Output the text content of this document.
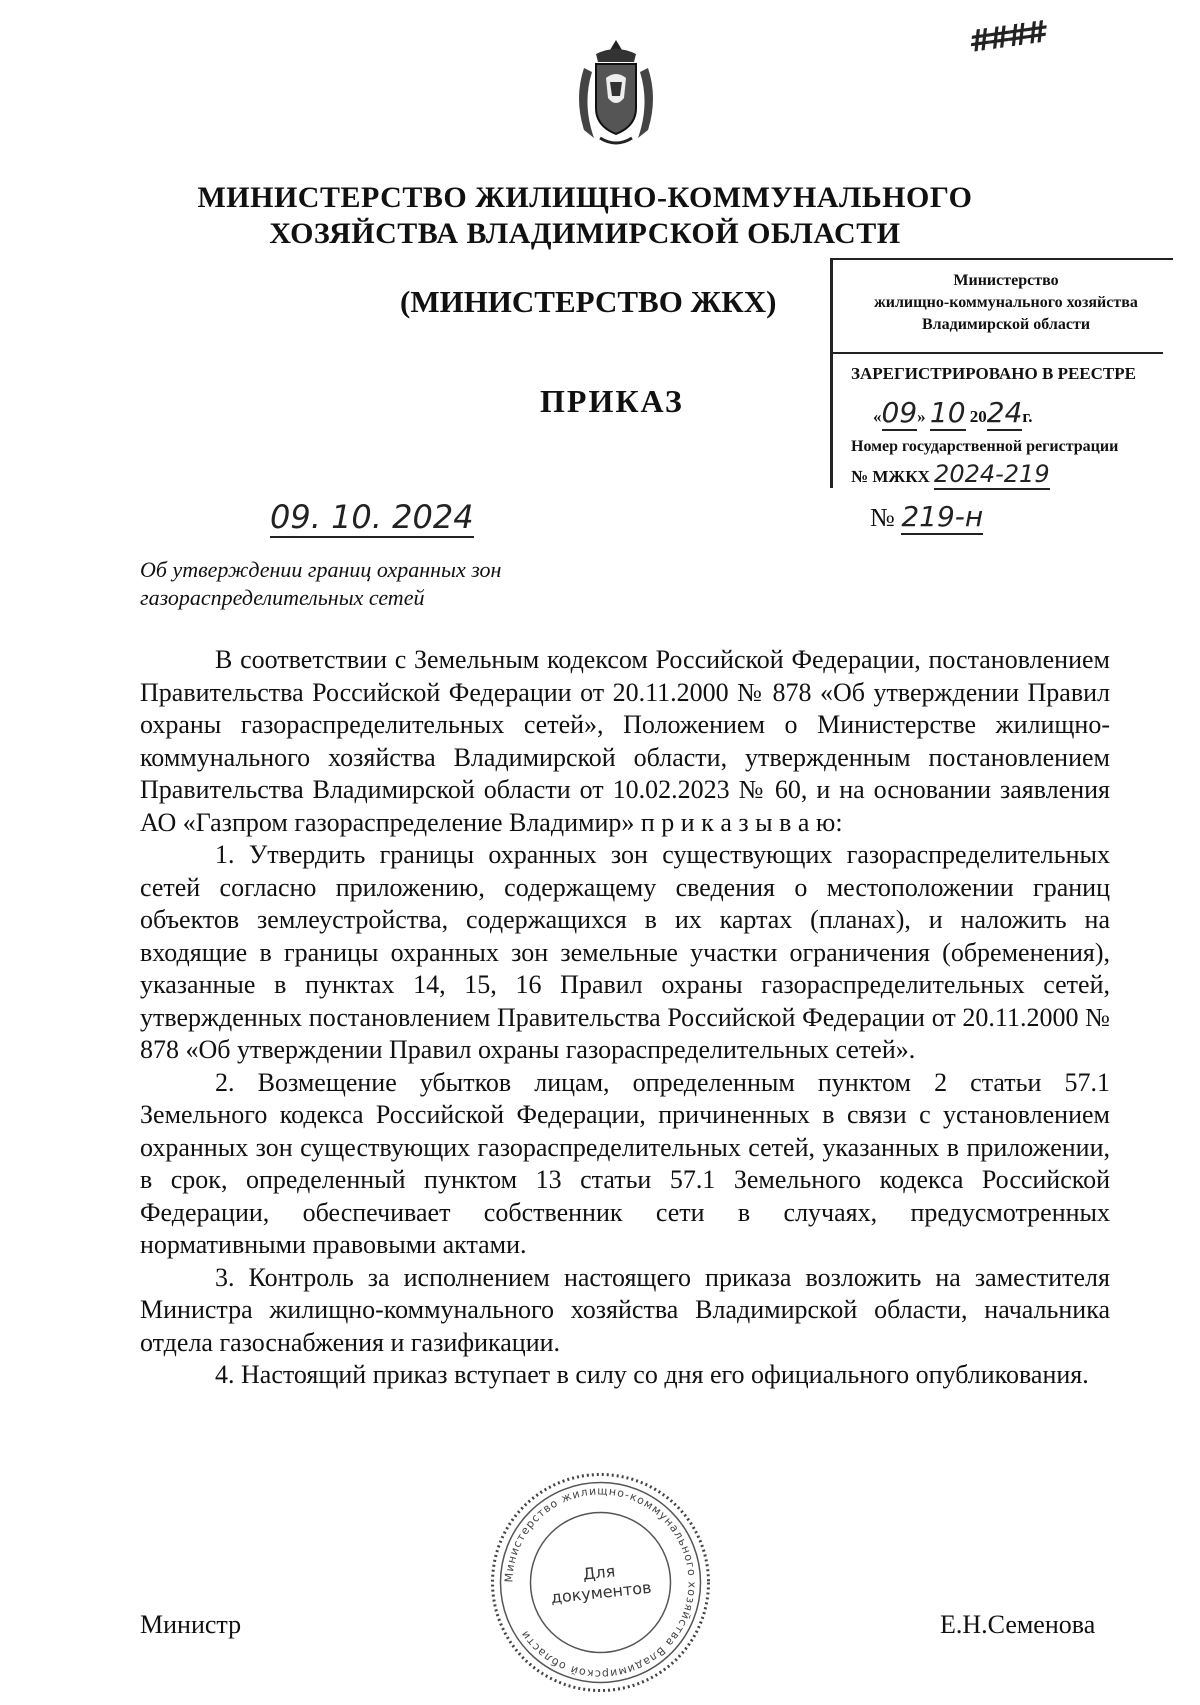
####
МИНИСТЕРСТВО ЖИЛИЩНО-КОММУНАЛЬНОГО
ХОЗЯЙСТВА ВЛАДИМИРСКОЙ ОБЛАСТИ
(МИНИСТЕРСТВО ЖКХ)
ПРИКАЗ
Министерство
жилищно-коммунального хозяйства
Владимирской области
ЗАРЕГИСТРИРОВАНО В РЕЕСТРЕ
«09» 10 2024г.
Номер государственной регистрации
№ МЖКХ 2024-219
09. 10. 2024	№ 219-н
Об утверждении границ охранных зон
газораспределительных сетей

В соответствии с Земельным кодексом Российской Федерации, постановлением Правительства Российской Федерации от 20.11.2000 № 878 «Об утверждении Правил охраны газораспределительных сетей», Положением о Министерстве жилищно-коммунального хозяйства Владимирской области, утвержденным постановлением Правительства Владимирской области от 10.02.2023 № 60, и на основании заявления АО «Газпром газораспределение Владимир» п р и к а з ы в а ю:

1. Утвердить границы охранных зон существующих газораспределительных сетей согласно приложению, содержащему сведения о местоположении границ объектов землеустройства, содержащихся в их картах (планах), и наложить на входящие в границы охранных зон земельные участки ограничения (обременения), указанные в пунктах 14, 15, 16 Правил охраны газораспределительных сетей, утвержденных постановлением Правительства Российской Федерации от 20.11.2000 № 878 «Об утверждении Правил охраны газораспределительных сетей».

2. Возмещение убытков лицам, определенным пунктом 2 статьи 57.1 Земельного кодекса Российской Федерации, причиненных в связи с установлением охранных зон существующих газораспределительных сетей, указанных в приложении, в срок, определенный пунктом 13 статьи 57.1 Земельного кодекса Российской Федерации, обеспечивает собственник сети в случаях, предусмотренных нормативными правовыми актами.

3. Контроль за исполнением настоящего приказа возложить на заместителя Министра жилищно-коммунального хозяйства Владимирской области, начальника отдела газоснабжения и газификации.

4. Настоящий приказ вступает в силу со дня его официального опубликования.

Министерство жилищно-коммунального хозяйства Владимирской области
Для
документов
Министр	Е.Н.Семенова
